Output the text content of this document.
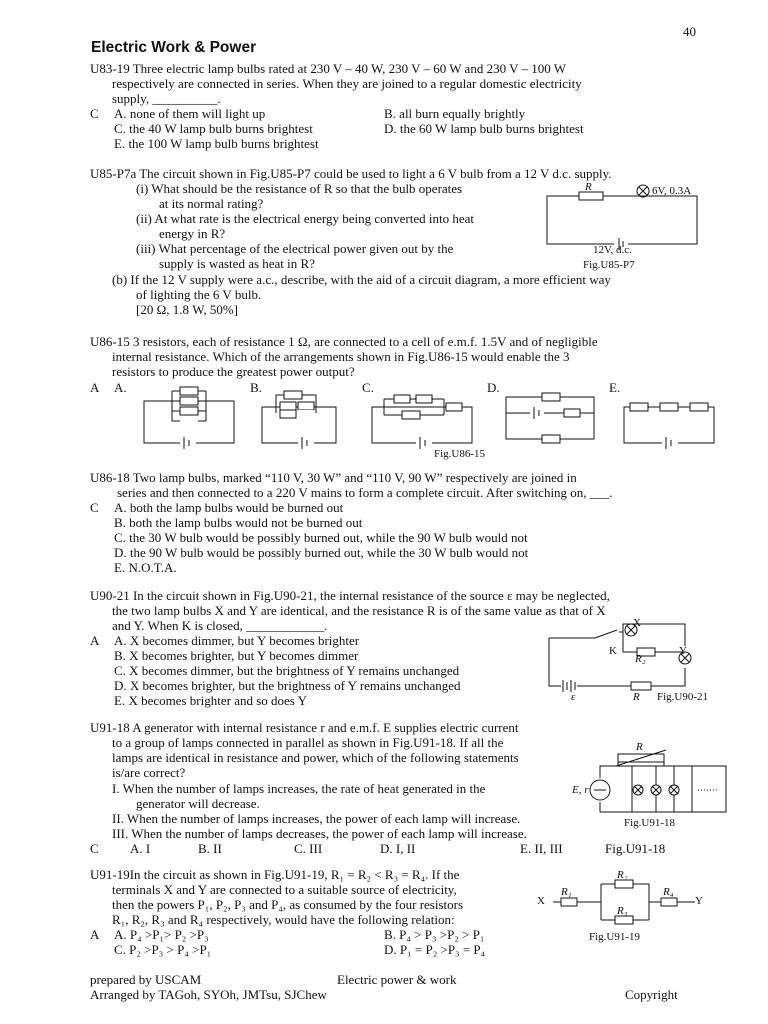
40
Electric Work & Power
U83-19 Three electric lamp bulbs rated at 230 V – 40 W, 230 V – 60 W and 230 V – 100 W
respectively are connected in series. When they are joined to a regular domestic electricity
supply, __________.
C A. none of them will light up	B. all burn equally brightly
C. the 40 W lamp bulb burns brightest	D. the 60 W lamp bulb burns brightest
E. the 100 W lamp bulb burns brightest
U85-P7a The circuit shown in Fig.U85-P7 could be used to light a 6 V bulb from a 12 V d.c. supply.
(i) What should be the resistance of R so that the bulb operates
at its normal rating?
(ii) At what rate is the electrical energy being converted into heat
energy in R?
(iii) What percentage of the electrical power given out by the
supply is wasted as heat in R?
(b) If the 12 V supply were a.c., describe, with the aid of a circuit diagram, a more efficient way
of lighting the 6 V bulb.
[20 Ω, 1.8 W, 50%]
R	6V, 0.3A
12V, d.c.
Fig.U85-P7
U86-15 3 resistors, each of resistance 1 Ω, are connected to a cell of e.m.f. 1.5V and of negligible
internal resistance. Which of the arrangements shown in Fig.U86-15 would enable the 3
resistors to produce the greatest power output?
A A.	B.	C.	D.	E.
Fig.U86-15
U86-18 Two lamp bulbs, marked “110 V, 30 W” and “110 V, 90 W” respectively are joined in
series and then connected to a 220 V mains to form a complete circuit. After switching on, ___.
C A. both the lamp bulbs would be burned out
B. both the lamp bulbs would not be burned out
C. the 30 W bulb would be possibly burned out, while the 90 W bulb would not
D. the 90 W bulb would be possibly burned out, while the 30 W bulb would not
E. N.O.T.A.
U90-21 In the circuit shown in Fig.U90-21, the internal resistance of the source ε may be neglected,
the two lamp bulbs X and Y are identical, and the resistance R is of the same value as that of X
and Y. When K is closed, ____________.
A A. X becomes dimmer, but Y becomes brighter
B. X becomes brighter, but Y becomes dimmer
C. X becomes dimmer, but the brightness of Y remains unchanged
D. X becomes brighter, but the brightness of Y remains unchanged
E. X becomes brighter and so does Y
X
K
R₂
Y
ε	R Fig.U90-21
U91-18 A generator with internal resistance r and e.m.f. E supplies electric current
to a group of lamps connected in parallel as shown in Fig.U91-18. If all the
lamps are identical in resistance and power, which of the following statements
is/are correct?
I. When the number of lamps increases, the rate of heat generated in the
generator will decrease.
II. When the number of lamps increases, the power of each lamp will increase.
III. When the number of lamps decreases, the power of each lamp will increase.
C A. I	B. II	C. III	D. I, II	E. II, III	Fig.U91-18
R
E, r
Fig.U91-18
U91-19In the circuit as shown in Fig.U91-19, R₁ = R₂ < R₃ = R₄. If the
terminals X and Y are connected to a suitable source of electricity,
then the powers P₁, P₂, P₃ and P₄, as consumed by the four resistors
R₁, R₂, R₃ and R₄ respectively, would have the following relation:
A A. P₄ >P₁> P₂ >P₃	B. P₄ > P₃ >P₂ > P₁
C. P₂ >P₃ > P₄ >P₁	D. P₁ = P₂ >P₃ = P₄
X
R₁
R₂
R₃
R₄
Y
Fig.U91-19
prepared by USCAM	Electric power & work
Arranged by TAGoh, SYOh, JMTsu, SJChew	Copyright
